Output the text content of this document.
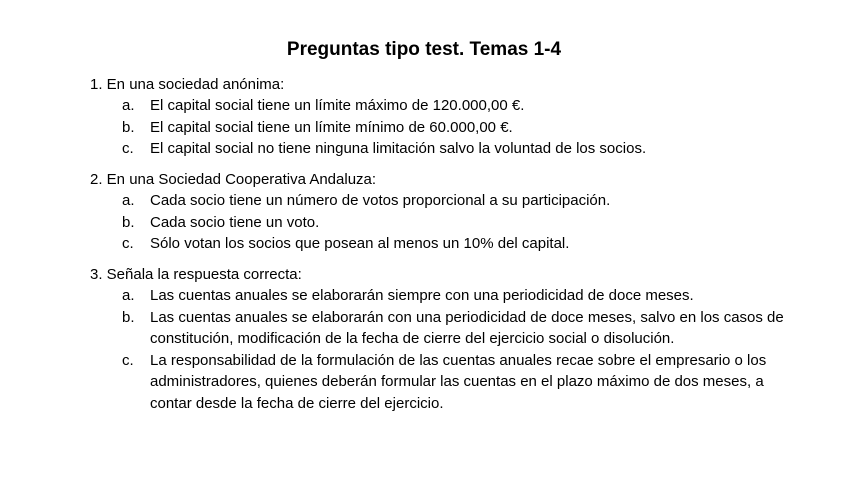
Preguntas tipo test. Temas 1-4
1. En una sociedad anónima:
a. El capital social tiene un límite máximo de 120.000,00 €.
b. El capital social tiene un límite mínimo de 60.000,00 €.
c. El capital social no tiene ninguna limitación salvo la voluntad de los socios.
2. En una Sociedad Cooperativa Andaluza:
a. Cada socio tiene un número de votos proporcional a su participación.
b. Cada socio tiene un voto.
c. Sólo votan los socios que posean al menos un 10% del capital.
3. Señala la respuesta correcta:
a. Las cuentas anuales se elaborarán siempre con una periodicidad de doce meses.
b. Las cuentas anuales se elaborarán con una periodicidad de doce meses, salvo en los casos de constitución, modificación de la fecha de cierre del ejercicio social o disolución.
c. La responsabilidad de la formulación de las cuentas anuales recae sobre el empresario o los administradores, quienes deberán formular las cuentas en el plazo máximo de dos meses, a contar desde la fecha de cierre del ejercicio.
